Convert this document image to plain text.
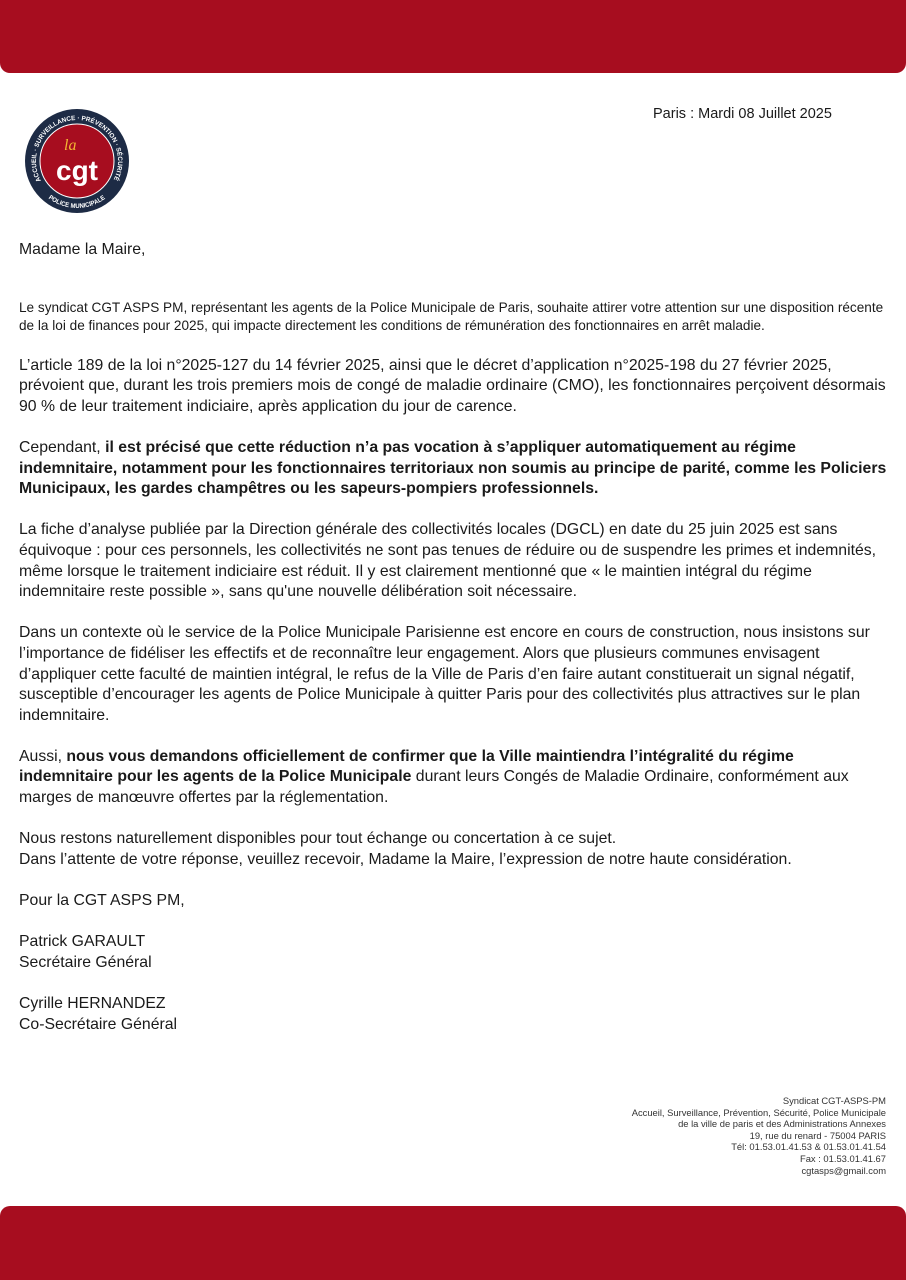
ACCUEIL · SURVEILLANCE · PRÉVENTION · SÉCURITÉ
POLICE MUNICIPALE
la
cgt
Paris : Mardi 08 Juillet 2025

Madame la Maire,

Le syndicat CGT ASPS PM, représentant les agents de la Police Municipale de Paris, souhaite attirer votre attention sur une disposition récente de la loi de finances pour 2025, qui impacte directement les conditions de rémunération des fonctionnaires en arrêt maladie.

L’article 189 de la loi n°2025-127 du 14 février 2025, ainsi que le décret d’application n°2025-198 du 27 février 2025, prévoient que, durant les trois premiers mois de congé de maladie ordinaire (CMO), les fonctionnaires perçoivent désormais 90 % de leur traitement indiciaire, après application du jour de carence.

Cependant, il est précisé que cette réduction n’a pas vocation à s’appliquer automatiquement au régime indemnitaire, notamment pour les fonctionnaires territoriaux non soumis au principe de parité, comme les Policiers Municipaux, les gardes champêtres ou les sapeurs-pompiers professionnels.

La fiche d’analyse publiée par la Direction générale des collectivités locales (DGCL) en date du 25 juin 2025 est sans équivoque : pour ces personnels, les collectivités ne sont pas tenues de réduire ou de suspendre les primes et indemnités, même lorsque le traitement indiciaire est réduit. Il y est clairement mentionné que « le maintien intégral du régime indemnitaire reste possible », sans qu'une nouvelle délibération soit nécessaire.

Dans un contexte où le service de la Police Municipale Parisienne est encore en cours de construction, nous insistons sur l’importance de fidéliser les effectifs et de reconnaître leur engagement. Alors que plusieurs communes envisagent d’appliquer cette faculté de maintien intégral, le refus de la Ville de Paris d’en faire autant constituerait un signal négatif, susceptible d’encourager les agents de Police Municipale à quitter Paris pour des collectivités plus attractives sur le plan indemnitaire.

Aussi, nous vous demandons officiellement de confirmer que la Ville maintiendra l’intégralité du régime indemnitaire pour les agents de la Police Municipale durant leurs Congés de Maladie Ordinaire, conformément aux marges de manœuvre offertes par la réglementation.

Nous restons naturellement disponibles pour tout échange ou concertation à ce sujet.
Dans l’attente de votre réponse, veuillez recevoir, Madame la Maire, l’expression de notre haute considération.

Pour la CGT ASPS PM,

Patrick GARAULT
Secrétaire Général

Cyrille HERNANDEZ
Co-Secrétaire Général

Syndicat CGT-ASPS-PM
Accueil, Surveillance, Prévention, Sécurité, Police Municipale
de la ville de paris et des Administrations Annexes
19, rue du renard - 75004 PARIS
Tél: 01.53.01.41.53 & 01.53.01.41.54
Fax : 01.53.01.41.67
cgtasps@gmail.com
